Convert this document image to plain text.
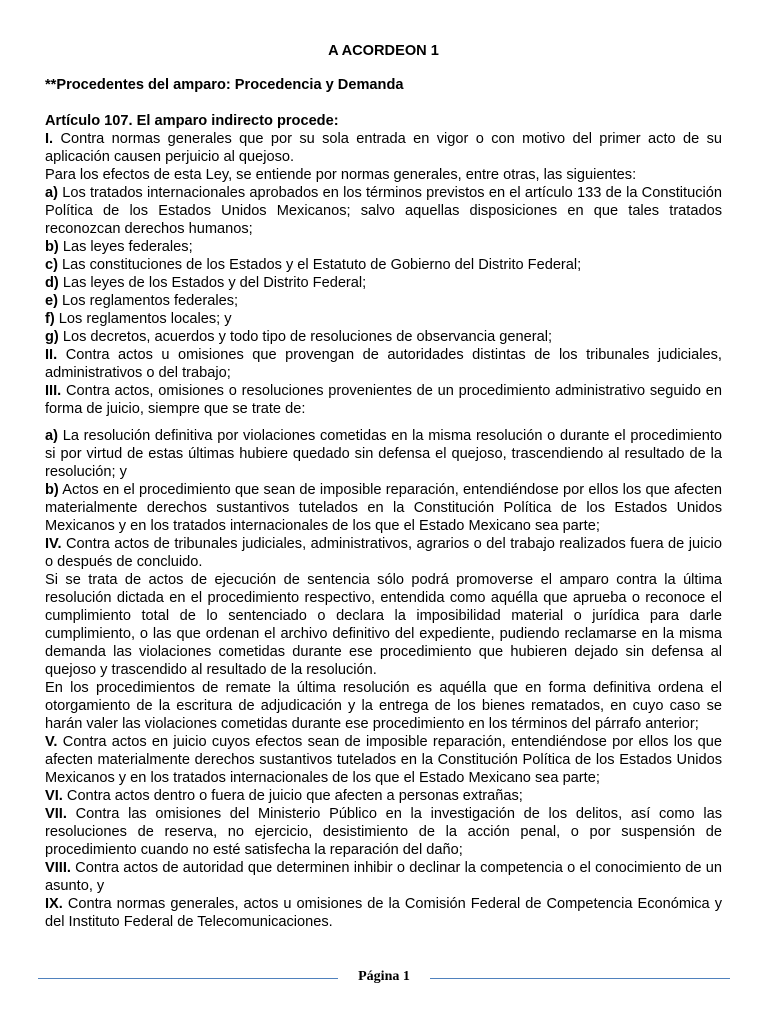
A ACORDEON 1
**Procedentes del amparo: Procedencia y Demanda
Artículo 107. El amparo indirecto procede:

I. Contra normas generales que por su sola entrada en vigor o con motivo del primer acto de su aplicación causen perjuicio al quejoso.

Para los efectos de esta Ley, se entiende por normas generales, entre otras, las siguientes:

a) Los tratados internacionales aprobados en los términos previstos en el artículo 133 de la Constitución Política de los Estados Unidos Mexicanos; salvo aquellas disposiciones en que tales tratados reconozcan derechos humanos;

b) Las leyes federales;

c) Las constituciones de los Estados y el Estatuto de Gobierno del Distrito Federal;

d) Las leyes de los Estados y del Distrito Federal;

e) Los reglamentos federales;

f) Los reglamentos locales; y

g) Los decretos, acuerdos y todo tipo de resoluciones de observancia general;

II. Contra actos u omisiones que provengan de autoridades distintas de los tribunales judiciales, administrativos o del trabajo;

III. Contra actos, omisiones o resoluciones provenientes de un procedimiento administrativo seguido en forma de juicio, siempre que se trate de:

a) La resolución definitiva por violaciones cometidas en la misma resolución o durante el procedimiento si por virtud de estas últimas hubiere quedado sin defensa el quejoso, trascendiendo al resultado de la resolución; y

b) Actos en el procedimiento que sean de imposible reparación, entendiéndose por ellos los que afecten materialmente derechos sustantivos tutelados en la Constitución Política de los Estados Unidos Mexicanos y en los tratados internacionales de los que el Estado Mexicano sea parte;

IV. Contra actos de tribunales judiciales, administrativos, agrarios o del trabajo realizados fuera de juicio o después de concluido.

Si se trata de actos de ejecución de sentencia sólo podrá promoverse el amparo contra la última resolución dictada en el procedimiento respectivo, entendida como aquélla que aprueba o reconoce el cumplimiento total de lo sentenciado o declara la imposibilidad material o jurídica para darle cumplimiento, o las que ordenan el archivo definitivo del expediente, pudiendo reclamarse en la misma demanda las violaciones cometidas durante ese procedimiento que hubieren dejado sin defensa al quejoso y trascendido al resultado de la resolución.

En los procedimientos de remate la última resolución es aquélla que en forma definitiva ordena el otorgamiento de la escritura de adjudicación y la entrega de los bienes rematados, en cuyo caso se harán valer las violaciones cometidas durante ese procedimiento en los términos del párrafo anterior;

V. Contra actos en juicio cuyos efectos sean de imposible reparación, entendiéndose por ellos los que afecten materialmente derechos sustantivos tutelados en la Constitución Política de los Estados Unidos Mexicanos y en los tratados internacionales de los que el Estado Mexicano sea parte;

VI. Contra actos dentro o fuera de juicio que afecten a personas extrañas;

VII. Contra las omisiones del Ministerio Público en la investigación de los delitos, así como las resoluciones de reserva, no ejercicio, desistimiento de la acción penal, o por suspensión de procedimiento cuando no esté satisfecha la reparación del daño;

VIII. Contra actos de autoridad que determinen inhibir o declinar la competencia o el conocimiento de un asunto, y

IX. Contra normas generales, actos u omisiones de la Comisión Federal de Competencia Económica y del Instituto Federal de Telecomunicaciones.

Página 1
